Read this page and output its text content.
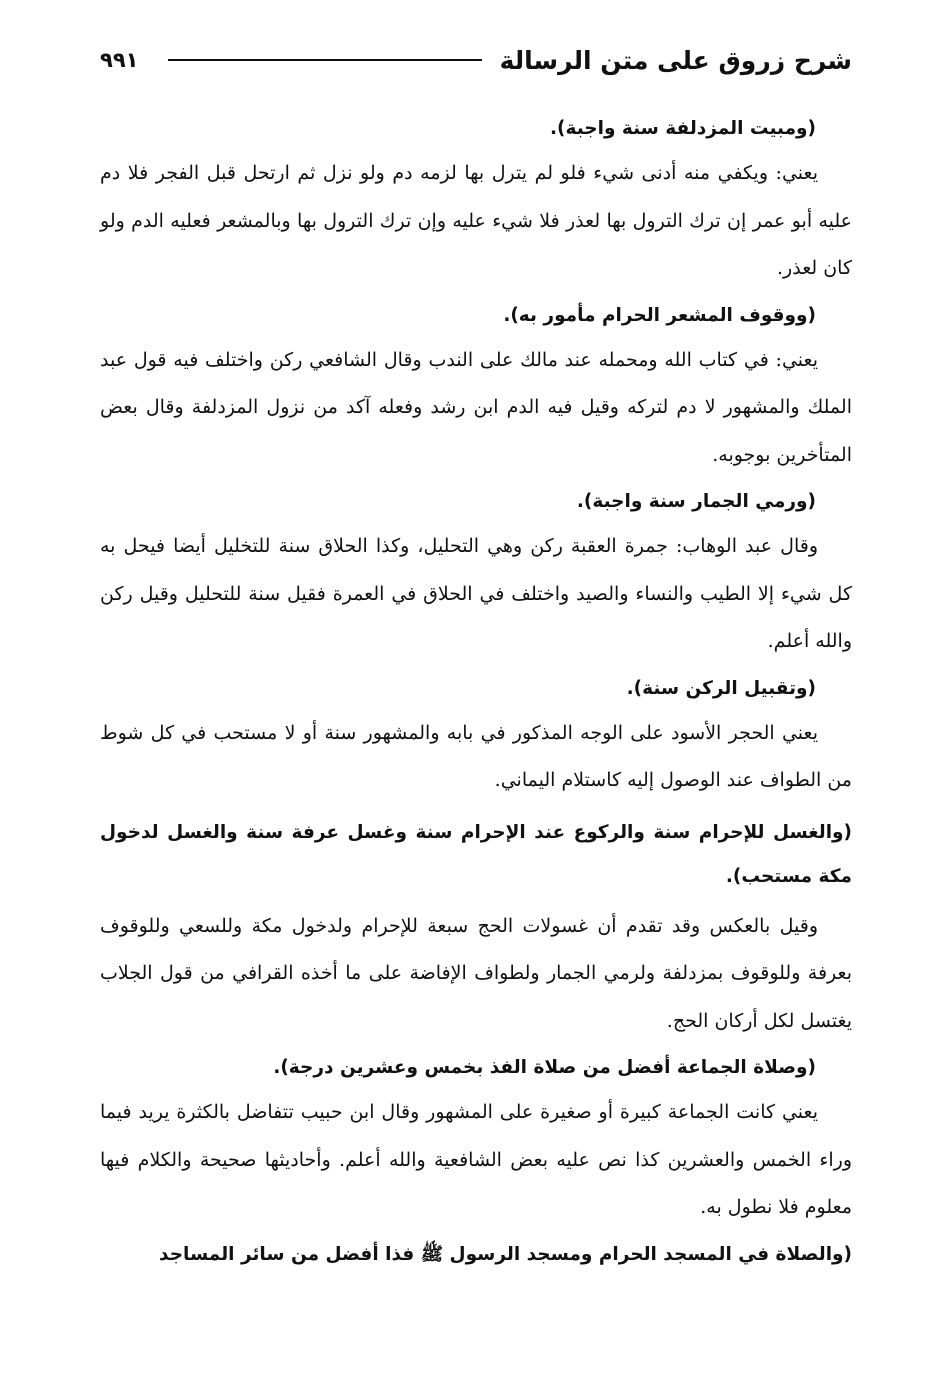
شرح زروق على متن الرسالة
٩٩١
(ومبيت المزدلفة سنة واجبة).

يعني: ويكفي منه أدنى شيء فلو لم يترل بها لزمه دم ولو نزل ثم ارتحل قبل الفجر فلا دم عليه أبو عمر إن ترك الترول بها لعذر فلا شيء عليه وإن ترك الترول بها وبالمشعر فعليه الدم ولو كان لعذر.

(ووقوف المشعر الحرام مأمور به).

يعني: في كتاب الله ومحمله عند مالك على الندب وقال الشافعي ركن واختلف فيه قول عبد الملك والمشهور لا دم لتركه وقيل فيه الدم ابن رشد وفعله آكد من نزول المزدلفة وقال بعض المتأخرين بوجوبه.

(ورمي الجمار سنة واجبة).

وقال عبد الوهاب: جمرة العقبة ركن وهي التحليل، وكذا الحلاق سنة للتخليل أيضا فيحل به كل شيء إلا الطيب والنساء والصيد واختلف في الحلاق في العمرة فقيل سنة للتحليل وقيل ركن والله أعلم.

(وتقبيل الركن سنة).

يعني الحجر الأسود على الوجه المذكور في بابه والمشهور سنة أو لا مستحب في كل شوط من الطواف عند الوصول إليه كاستلام اليماني.

(والغسل للإحرام سنة والركوع عند الإحرام سنة وغسل عرفة سنة والغسل لدخول مكة مستحب).

وقيل بالعكس وقد تقدم أن غسولات الحج سبعة للإحرام ولدخول مكة وللسعي وللوقوف بعرفة وللوقوف بمزدلفة ولرمي الجمار ولطواف الإفاضة على ما أخذه القرافي من قول الجلاب يغتسل لكل أركان الحج.

(وصلاة الجماعة أفضل من صلاة الفذ بخمس وعشرين درجة).

يعني كانت الجماعة كبيرة أو صغيرة على المشهور وقال ابن حبيب تتفاضل بالكثرة يريد فيما وراء الخمس والعشرين كذا نص عليه بعض الشافعية والله أعلم. وأحاديثها صحيحة والكلام فيها معلوم فلا نطول به.

(والصلاة في المسجد الحرام ومسجد الرسول ﷺ فذا أفضل من سائر المساجد
